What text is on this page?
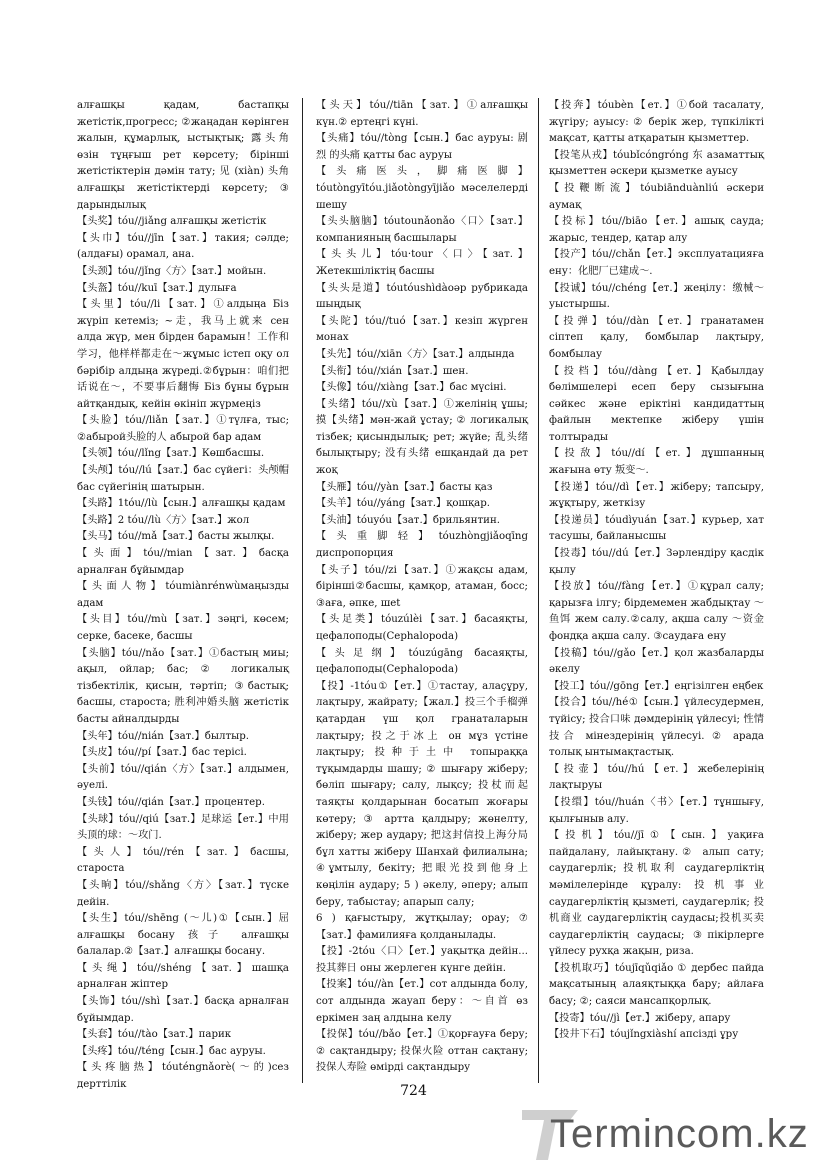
алғашқы қадам, бастапқы жетістік,прогресс; ②жаңадан көрінген жалын, құмарлық, ыстықтық; 露头角 өзін тұңғыш рет көрсету; бірінші жетістіктерін дәмін тату; 见 (xiàn) 头角 алғашқы жетістіктерді көрсету; ③ дарындылық

【头奖】tóu//jiǎng алғашқы жетістік

【头巾】tóu//jīn【зат.】такия; сәлде; (алдағы) орамал, ана.

【头颈】tóu//jǐng〈方〉【зат.】мойын.

【头盔】tóu//kuī【зат.】дулыға

【头里】tóu//li【зат.】①алдыңа Біз жүріп кетеміз; ~走，我马上就来 сен алда жүр, мен бірден барамын！工作和学习，他样样都走在～жұмыс істеп оқу ол бәрібір алдыңа жүреді.②бұрын：咱们把话说在～，不要事后翻悔 Біз бұны бұрын айтқандық, кейін өкініп жүрмеңіз

【头脸】tóu//liǎn【зат.】①түлға, тыс; ②абырой头脸的人 абырой бар адам

【头领】tóu//lǐng【зат.】Көшбасшы.

【头颅】tóu//lú【зат.】бас сүйегі：头颅帽 бас сүйегінің шатырын.

【头路】1tóu//lù【сын.】алғашқы қадам

【头路】2 tóu//lù〈方〉【зат.】жол

【头马】tóu//mǎ【зат.】басты жылқы.

【头面】tóu//mian【зат.】басқа арналған бұйымдар

【头面人物】tóumiànrénwùмаңызды адам

【头目】tóu//mù【зат.】зәңгі, көсем; серке, басеке, басшы

【头脑】tóu//nǎo【зат.】①бастың миы; ақыл, ойлар; бас; ② логикалық тізбектілік, қисын, тәртіп; ③бастық; басшы, староста; 胜利冲婚头脑 жетістік басты айналдырды

【头年】tóu//nián【зат.】былтыр.

【头皮】tóu//pí【зат.】бас терісі.

【头前】tóu//qián〈方〉【зат.】алдымен, әуелі.

【头钱】tóu//qián【зат.】процентер.

【头球】tóu//qiú【зат.】足球运【ет.】中用头顶的球：～攻门.

【头人】tóu//rén【зат.】басшы, староста

【头晌】tóu//shǎng〈方〉【зат.】түске дейін.

【头生】tóu//shēng (～儿)①【сын.】屈 алғашқы босану 孩子 алғашқы балалар.②【зат.】алғашқы босану.

【头绳】tóu//shéng【зат.】шашқа арналған жіптер

【头饰】tóu//shì【зат.】басқа арналған бұйымдар.

【头套】tóu//tào【зат.】парик

【头疼】tóu//téng【сын.】бас ауруы.

【头疼脑热】tóuténgnǎorè(～的)сез дерттілік

【头天】tóu//tiān【зат.】①алғашқы күн.② ертеңгі күні.

【头痛】tóu//tòng【сын.】бас ауруы: 剧烈 的头痛 қатты бас ауруы

【头痛医头，脚痛医脚】tóutòngyītóu.jiǎotòngyījiǎo мәселелерді шешу

【头头脑脑】tóutounǎonǎo〈口〉【зат.】компанияның басшылары

【头头儿】tóu·tour〈口〉【зат.】Жетекшіліктің басшы

【头头是道】tóutóushìdàoәр рубрикада шыңдық

【头陀】tóu//tuó【зат.】кезіп жүрген монах

【头先】tóu//xiān〈方〉【зат.】алдында

【头衔】tóu//xián【зат.】шен.

【头像】tóu//xiàng【зат.】бас мүсіні.

【头绪】tóu//xù【зат.】①желінің ұшы; 摸【头绪】мән-жай ұстау; ② логикалық тізбек; қисындылық; рет; жүйе; 乱头绪 былықтыру; 没有头绪 ешқандай да рет жоқ

【头雁】tóu//yàn【зат.】басты қаз

【头羊】tóu//yáng【зат.】қошқар.

【头油】tóuyóu【зат.】брильянтин.

【头重脚轻】tóuzhòngjiǎoqīng диспропорция

【头子】tóu//zi【зат.】①жақсы адам, бірінші②басшы, қамқор, атаман, босс; ③аға, әпке, шеt

【头足类】tóuzúlèi【зат.】басаяқты, цефалоподы(Cephalopoda)

【头足纲】tóuzúgāng басаяқты, цефалоподы(Cephalopoda)

【投】-1tóu①【ет.】①тастау, алаçұру, лақтыру, жайрату;【жал.】投三个手榴弹 қатардан үш қол гранаталарын лақтыру; 投之于冰上 он мұз үстіне лақтыру; 投种于土中 топыраққа тұқымдарды шашу; ② шығару жіберу; бөліп шығару; салу, лықсу; 投杖而起 таяқты қолдарынан босатып жоғары көтеру; ③ артта қалдыру; жөнелту, жіберу; жер аудару; 把这封信投上海分局 бұл хатты жіберу Шанхай филиалына; ④ұмтылу, бекіту; 把眼光投到他身上 көңілін аудару; 5 ) әкелу, әперу; алып беру, табыстау; апарып салу;

6 ) қағыстыру, жұтқылау; орау; ⑦【зат.】фамилияға қолданылады.

【投】-2tóu〈口〉【ет.】уақытқа дейін... 投其葬日 оны жерлеген күнге дейін.

【投案】tóu//àn【ет.】сот алдында болу, сот алдында жауап беру：～自首 өз еркімен заң алдына келу

【投保】tóu//bǎo【ет.】①қорғауға беру; ② сақтандыру; 投保火险 оттан сақтану; 投保人寿险 өмірді сақтандыру

【投奔】tóubèn【ет.】①бой тасалату, жүгіру; ауысу: ② берік жер, түпкілікті мақсат, қатты атқаратын қызметтер.

【投笔从戎】tóubǐcóngróng 东 азаматтық қызметтен әскери қызметке ауысу

【投鞭断流】tóubiānduànliú әскери аумақ

【投标】tóu//biāo【ет.】ашық сауда; жарыс, тендер, қатар алу

【投产】tóu//chǎn【ет.】эксплуатацияға ену：化肥厂已建成～.

【投诚】tóu//chéng【ет.】жеңілу：缴械～ уыстыршы.

【投弹】tóu//dàn【ет.】гранатамен сіптеп қалу, бомбылар лақтыру, бомбылау

【投档】tóu//dàng【ет.】Қабылдау бөлімшелері есеп беру сызығына сәйкес және еріктіні кандидаттың файлын мектепке жіберу үшін толтырады

【投敌】tóu//dí【ет.】дұшпанның жағына өту 叛变～.

【投递】tóu//dì【ет.】жіберу; тапсыру, жұқтыру, жеткізу

【投递员】tóudìyuán【зат.】курьер, хат тасушы, байланысшы

【投毒】tóu//dú【ет.】Зәрлендіру қасдік қылу

【投放】tóu//fàng【ет.】①құрал салу; қарызға ілгу; бірдемемен жабдықтау ～鱼饵 жем салу.②салу, ақша салу ～资金 фондқа ақша салу. ③саудаға ену

【投稿】tóu//gǎo【ет.】қол жазбаларды әкелу

【投工】tóu//gōng【ет.】еңгізілген еңбек

【投合】tóu//hé①【сын.】үйлесудермен, түйісу; 投合口味 дәмдерінің үйлесуі; 性情技合 мінездерінің үйлесуі. ② арада толық ынтымақтастық.

【投壶】tóu//hú【ет.】жебелерінің лақтыруы

【投缳】tóu//huán〈书〉【ет.】тұншығу, қылғыныв алу.

【投机】tóu//jī①【сын.】уақиға пайдалану, лайықтану.② алып сату; саудагерлік; 投机取利 саудагерліктің мәмілелерінде құралу: 投机事业 саудагерліктің қызметі, саудагерлік; 投机商业 саудагерліктің саудасы;投机买卖 саудагерліктің саудасы; ③пікірлерге үйлесу рухқа жақын, риза.

【投机取巧】tóujīqǔqiǎo ① дербес пайда мақсатының алаяқтыққа бару; айлаға басу; ②; саяси мансапқорлық.

【投寄】tóu//jì【ет.】жіберу, апару

【投井下石】tóujǐngxiàshí апсізді ұру

724
Termincom.kz
